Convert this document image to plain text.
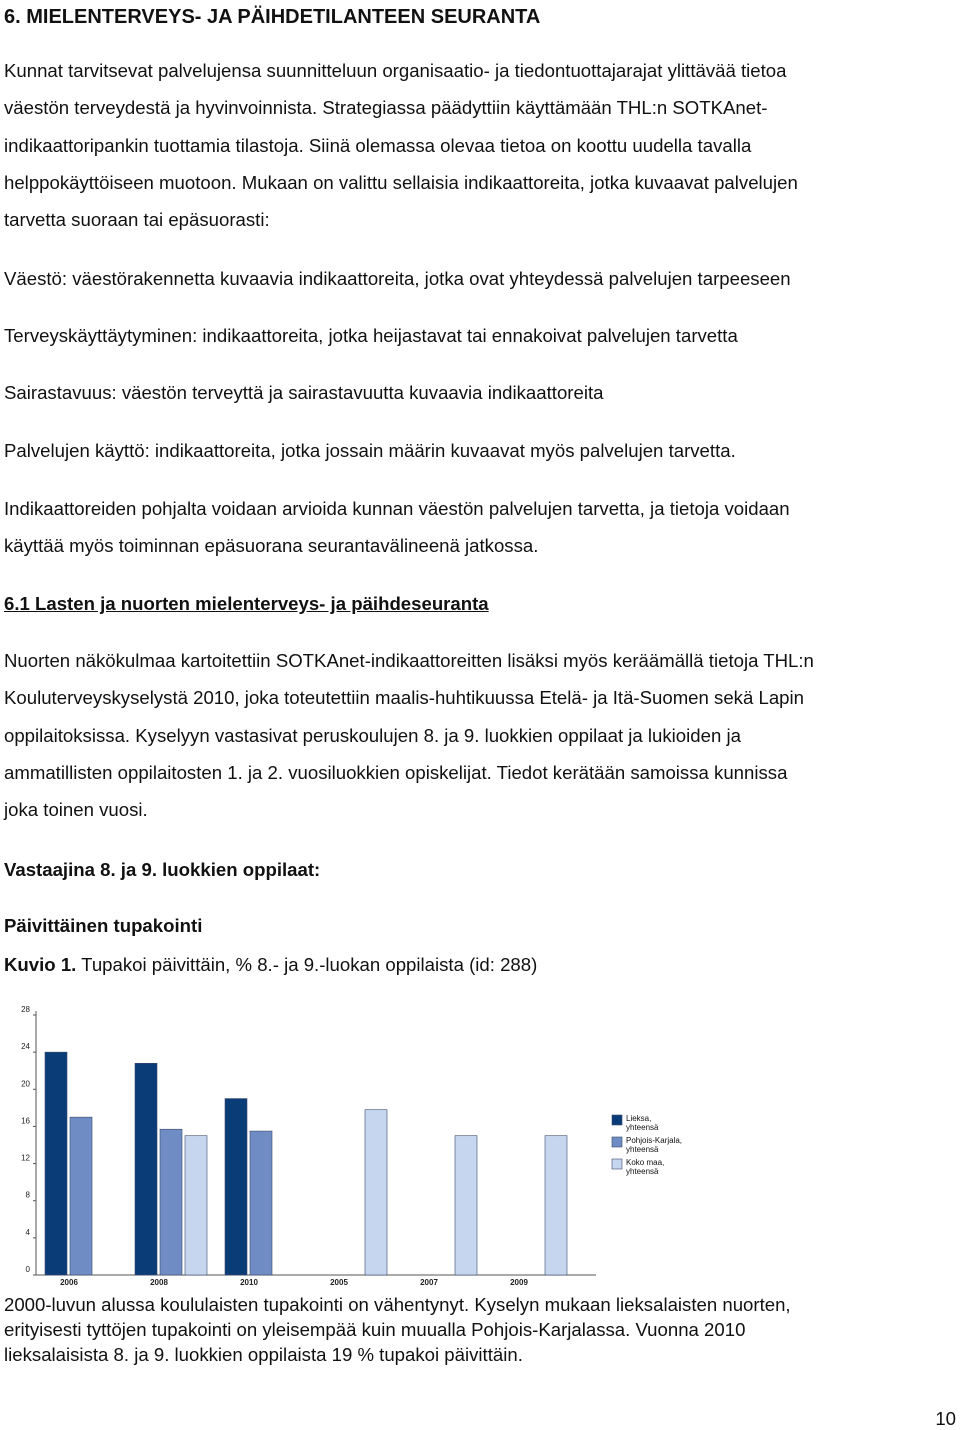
6. MIELENTERVEYS- JA PÄIHDETILANTEEN SEURANTA

Kunnat tarvitsevat palvelujensa suunnitteluun organisaatio- ja tiedontuottajarajat ylittävää tietoa

väestön terveydestä ja hyvinvoinnista. Strategiassa päädyttiin käyttämään THL:n SOTKAnet-

indikaattoripankin tuottamia tilastoja. Siinä olemassa olevaa tietoa on koottu uudella tavalla

helppokäyttöiseen muotoon. Mukaan on valittu sellaisia indikaattoreita, jotka kuvaavat palvelujen

tarvetta suoraan tai epäsuorasti:

Väestö: väestörakennetta kuvaavia indikaattoreita, jotka ovat yhteydessä palvelujen tarpeeseen

Terveyskäyttäytyminen: indikaattoreita, jotka heijastavat tai ennakoivat palvelujen tarvetta

Sairastavuus: väestön terveyttä ja sairastavuutta kuvaavia indikaattoreita

Palvelujen käyttö: indikaattoreita, jotka jossain määrin kuvaavat myös palvelujen tarvetta.

Indikaattoreiden pohjalta voidaan arvioida kunnan väestön palvelujen tarvetta, ja tietoja voidaan

käyttää myös toiminnan epäsuorana seurantavälineenä jatkossa.

6.1 Lasten ja nuorten mielenterveys- ja päihdeseuranta

Nuorten näkökulmaa kartoitettiin SOTKAnet-indikaattoreitten lisäksi myös keräämällä tietoja THL:n

Kouluterveyskyselystä 2010, joka toteutettiin maalis-huhtikuussa Etelä- ja Itä-Suomen sekä Lapin

oppilaitoksissa. Kyselyyn vastasivat peruskoulujen 8. ja 9. luokkien oppilaat ja lukioiden ja

ammatillisten oppilaitosten 1. ja 2. vuosiluokkien opiskelijat. Tiedot kerätään samoissa kunnissa

joka toinen vuosi.

Vastaajina 8. ja 9. luokkien oppilaat:

Päivittäinen tupakointi

Kuvio 1. Tupakoi päivittäin, % 8.- ja 9.-luokan oppilaista (id: 288)

2000-luvun alussa koululaisten tupakointi on vähentynyt. Kyselyn mukaan lieksalaisten nuorten,

erityisesti tyttöjen tupakointi on yleisempää kuin muualla Pohjois-Karjalassa. Vuonna 2010

lieksalaisista 8. ja 9. luokkien oppilaista 19 % tupakoi päivittäin.

0
4
8
12
16
20
24
28
2006	2008	2010	2005	2007	2009
Lieksa,
yhteensä
Pohjois-Karjala,
yhteensä
Koko maa,
yhteensä
10
